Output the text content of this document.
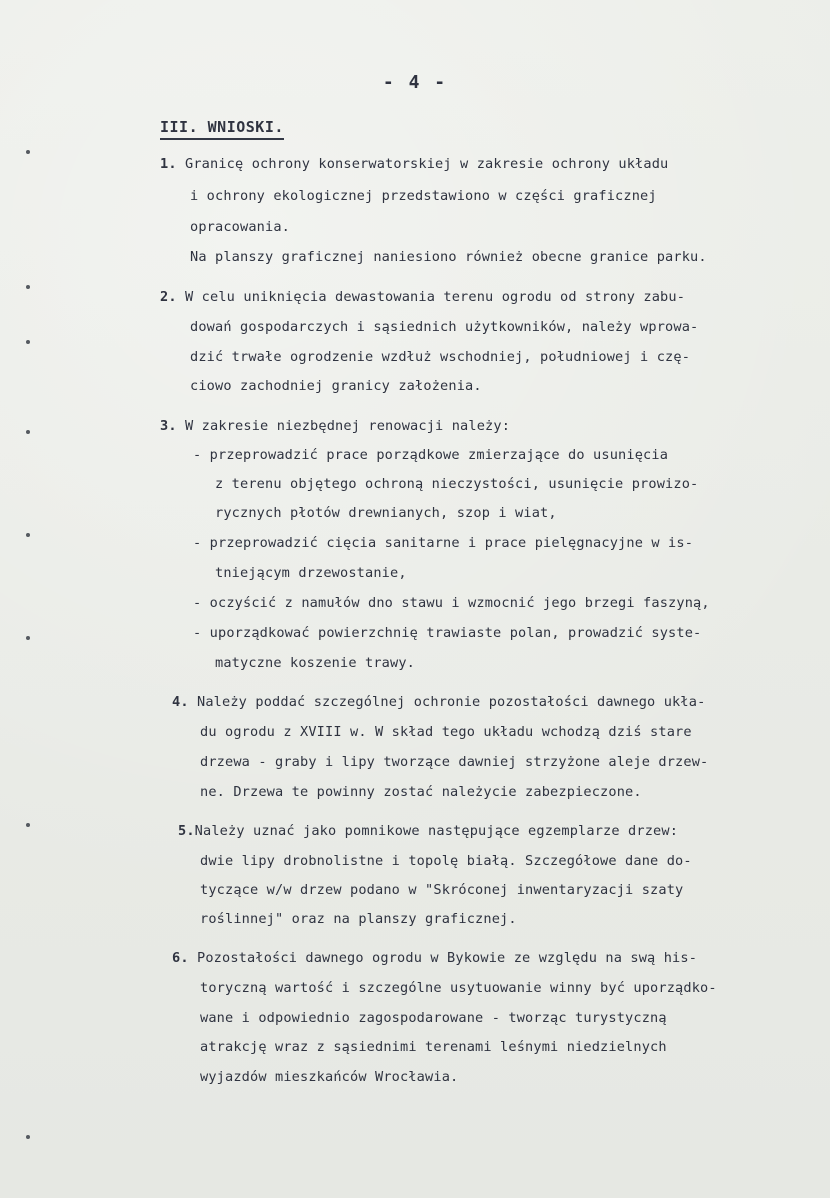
- 4 -
III. WNIOSKI.
1. Granicę ochrony konserwatorskiej w zakresie ochrony układu
i ochrony ekologicznej przedstawiono w części graficznej
opracowania.
Na planszy graficznej naniesiono również obecne granice parku.
2. W celu uniknięcia dewastowania terenu ogrodu od strony zabu-
dowań gospodarczych i sąsiednich użytkowników, należy wprowa-
dzić trwałe ogrodzenie wzdłuż wschodniej, południowej i czę-
ciowo zachodniej granicy założenia.
3. W zakresie niezbędnej renowacji należy:
- przeprowadzić prace porządkowe zmierzające do usunięcia
z terenu objętego ochroną nieczystości, usunięcie prowizo-
rycznych płotów drewnianych, szop i wiat,
- przeprowadzić cięcia sanitarne i prace pielęgnacyjne w is-
tniejącym drzewostanie,
- oczyścić z namułów dno stawu i wzmocnić jego brzegi faszyną,
- uporządkować powierzchnię trawiaste polan, prowadzić syste-
matyczne koszenie trawy.
4. Należy poddać szczególnej ochronie pozostałości dawnego ukła-
du ogrodu z XVIII w. W skład tego układu wchodzą dziś stare
drzewa - graby i lipy tworzące dawniej strzyżone aleje drzew-
ne. Drzewa te powinny zostać należycie zabezpieczone.
5.Należy uznać jako pomnikowe następujące egzemplarze drzew:
dwie lipy drobnolistne i topolę białą. Szczegółowe dane do-
tyczące w/w drzew podano w "Skróconej inwentaryzacji szaty
roślinnej" oraz na planszy graficznej.
6. Pozostałości dawnego ogrodu w Bykowie ze względu na swą his-
toryczną wartość i szczególne usytuowanie winny być uporządko-
wane i odpowiednio zagospodarowane - tworząc turystyczną
atrakcję wraz z sąsiednimi terenami leśnymi niedzielnych
wyjazdów mieszkańców Wrocławia.
